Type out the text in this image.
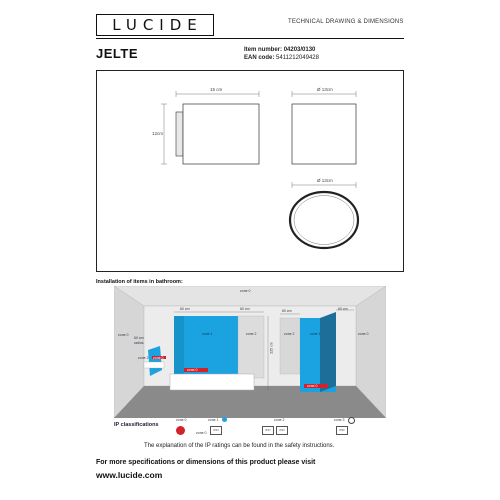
LUCIDE	TECHNICAL DRAWING & DIMENSIONS
JELTE	Item number: 04203/0130
EAN code: 5411212049428
15 cm
12cm
Ø 13cm
Ø 13cm
Installation of items in bathroom:
zone 0
zone 1	zone 2	zone 1
zone 2	zone 0
zone 0
zone 2
60 cm	60 cm	60 cm	60 cm
225 cm
60 cm
radius
zone 0
zone 0
zone 0
IP classifications
zone 0
zone 0
zone 1
IPX4
zone 2
IPX7	IP44
zone 3
IP20
The explanation of the IP ratings can be found in the safety instructions.
For more specifications or dimensions of this product please visit
www.lucide.com
